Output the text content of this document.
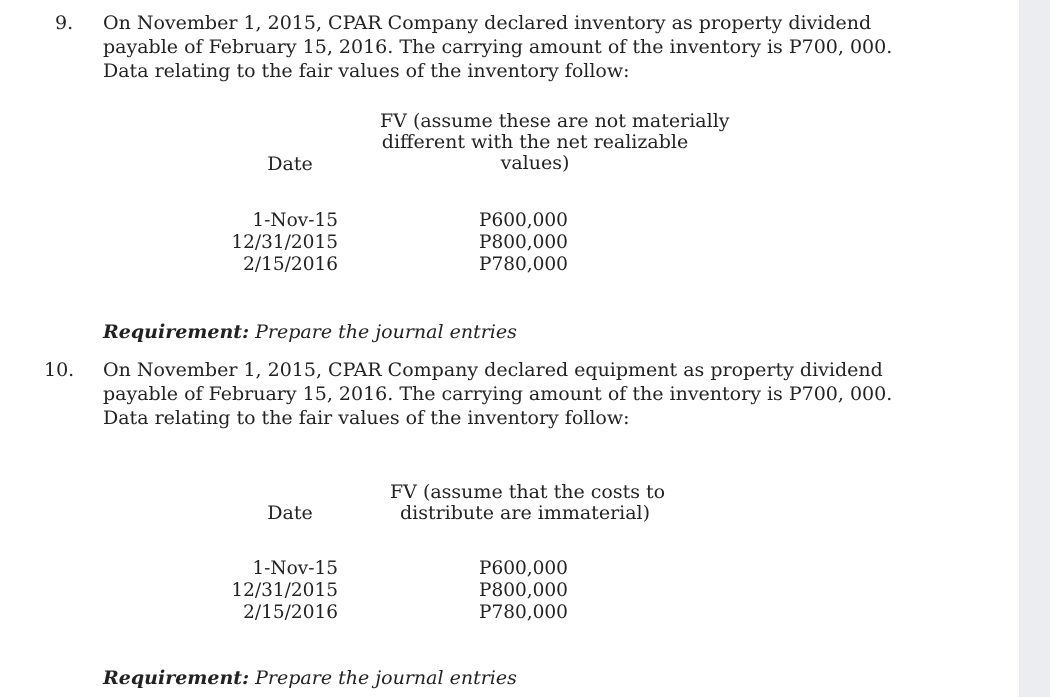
9. On November 1, 2015, CPAR Company declared inventory as property dividend payable of February 15, 2016. The carrying amount of the inventory is P700, 000. Data relating to the fair values of the inventory follow:
FV (assume these are not materially
different with the net realizable
values)
Date
1-Nov-15
12/31/2015
2/15/2016
P600,000
P800,000
P780,000
Requirement: Prepare the journal entries
10. On November 1, 2015, CPAR Company declared equipment as property dividend payable of February 15, 2016. The carrying amount of the inventory is P700, 000. Data relating to the fair values of the inventory follow:
FV (assume that the costs to
distribute are immaterial)
Date
1-Nov-15
12/31/2015
2/15/2016
P600,000
P800,000
P780,000
Requirement: Prepare the journal entries
